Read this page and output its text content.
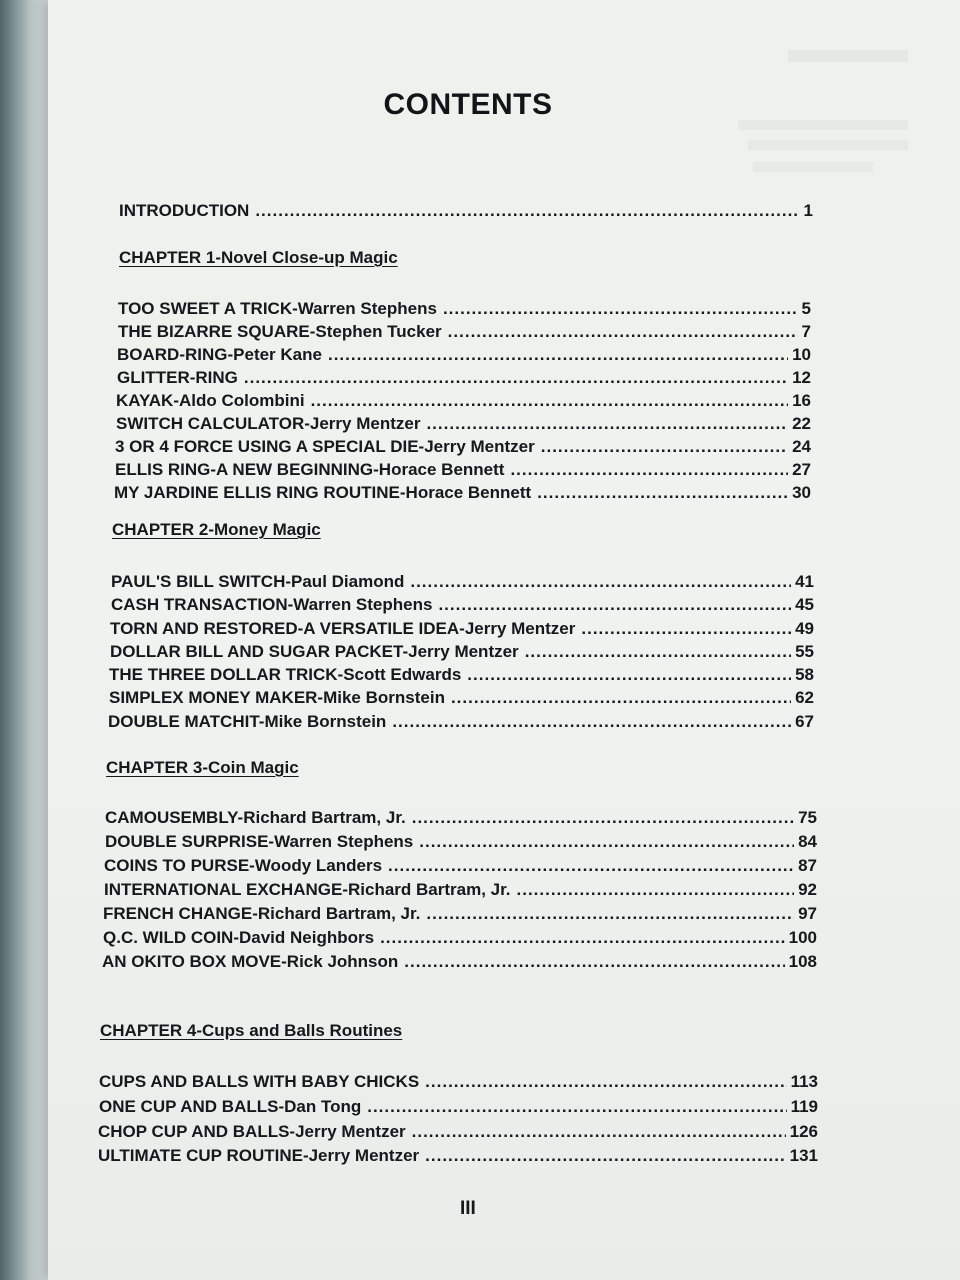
CONTENTS
INTRODUCTION .....	1
CHAPTER 1-Novel Close-up Magic
TOO SWEET A TRICK-Warren Stephens .....	5
THE BIZARRE SQUARE-Stephen Tucker .....	7
BOARD-RING-Peter Kane .....	10
GLITTER-RING .....	12
KAYAK-Aldo Colombini .....	16
SWITCH CALCULATOR-Jerry Mentzer .....	22
3 OR 4 FORCE USING A SPECIAL DIE-Jerry Mentzer .....	24
ELLIS RING-A NEW BEGINNING-Horace Bennett .....	27
MY JARDINE ELLIS RING ROUTINE-Horace Bennett .....	30
CHAPTER 2-Money Magic
PAUL'S BILL SWITCH-Paul Diamond .....	41
CASH TRANSACTION-Warren Stephens .....	45
TORN AND RESTORED-A VERSATILE IDEA-Jerry Mentzer .....	49
DOLLAR BILL AND SUGAR PACKET-Jerry Mentzer .....	55
THE THREE DOLLAR TRICK-Scott Edwards .....	58
SIMPLEX MONEY MAKER-Mike Bornstein .....	62
DOUBLE MATCHIT-Mike Bornstein .....	67
CHAPTER 3-Coin Magic
CAMOUSEMBLY-Richard Bartram, Jr. .....	75
DOUBLE SURPRISE-Warren Stephens .....	84
COINS TO PURSE-Woody Landers .....	87
INTERNATIONAL EXCHANGE-Richard Bartram, Jr. .....	92
FRENCH CHANGE-Richard Bartram, Jr. .....	97
Q.C. WILD COIN-David Neighbors .....	100
AN OKITO BOX MOVE-Rick Johnson .....	108
CHAPTER 4-Cups and Balls Routines
CUPS AND BALLS WITH BABY CHICKS .....	113
ONE CUP AND BALLS-Dan Tong .....	119
CHOP CUP AND BALLS-Jerry Mentzer .....	126
ULTIMATE CUP ROUTINE-Jerry Mentzer .....	131
III
